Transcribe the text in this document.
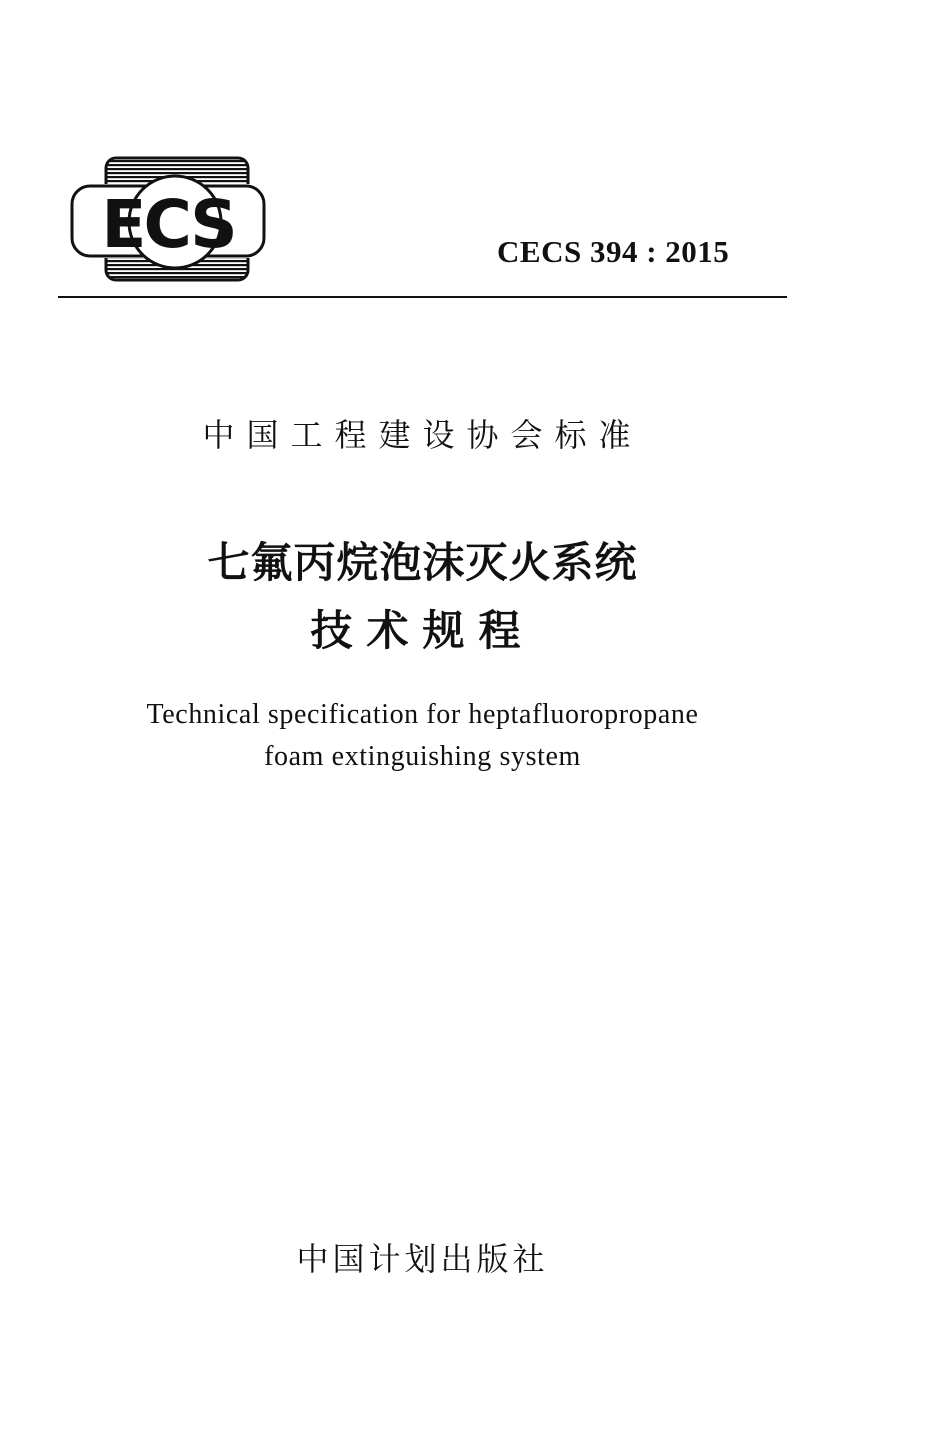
ECS	CECS 394 : 2015
中国工程建设协会标准
七氟丙烷泡沫灭火系统
技术规程
Technical specification for heptafluoropropane
foam extinguishing system
中国计划出版社
